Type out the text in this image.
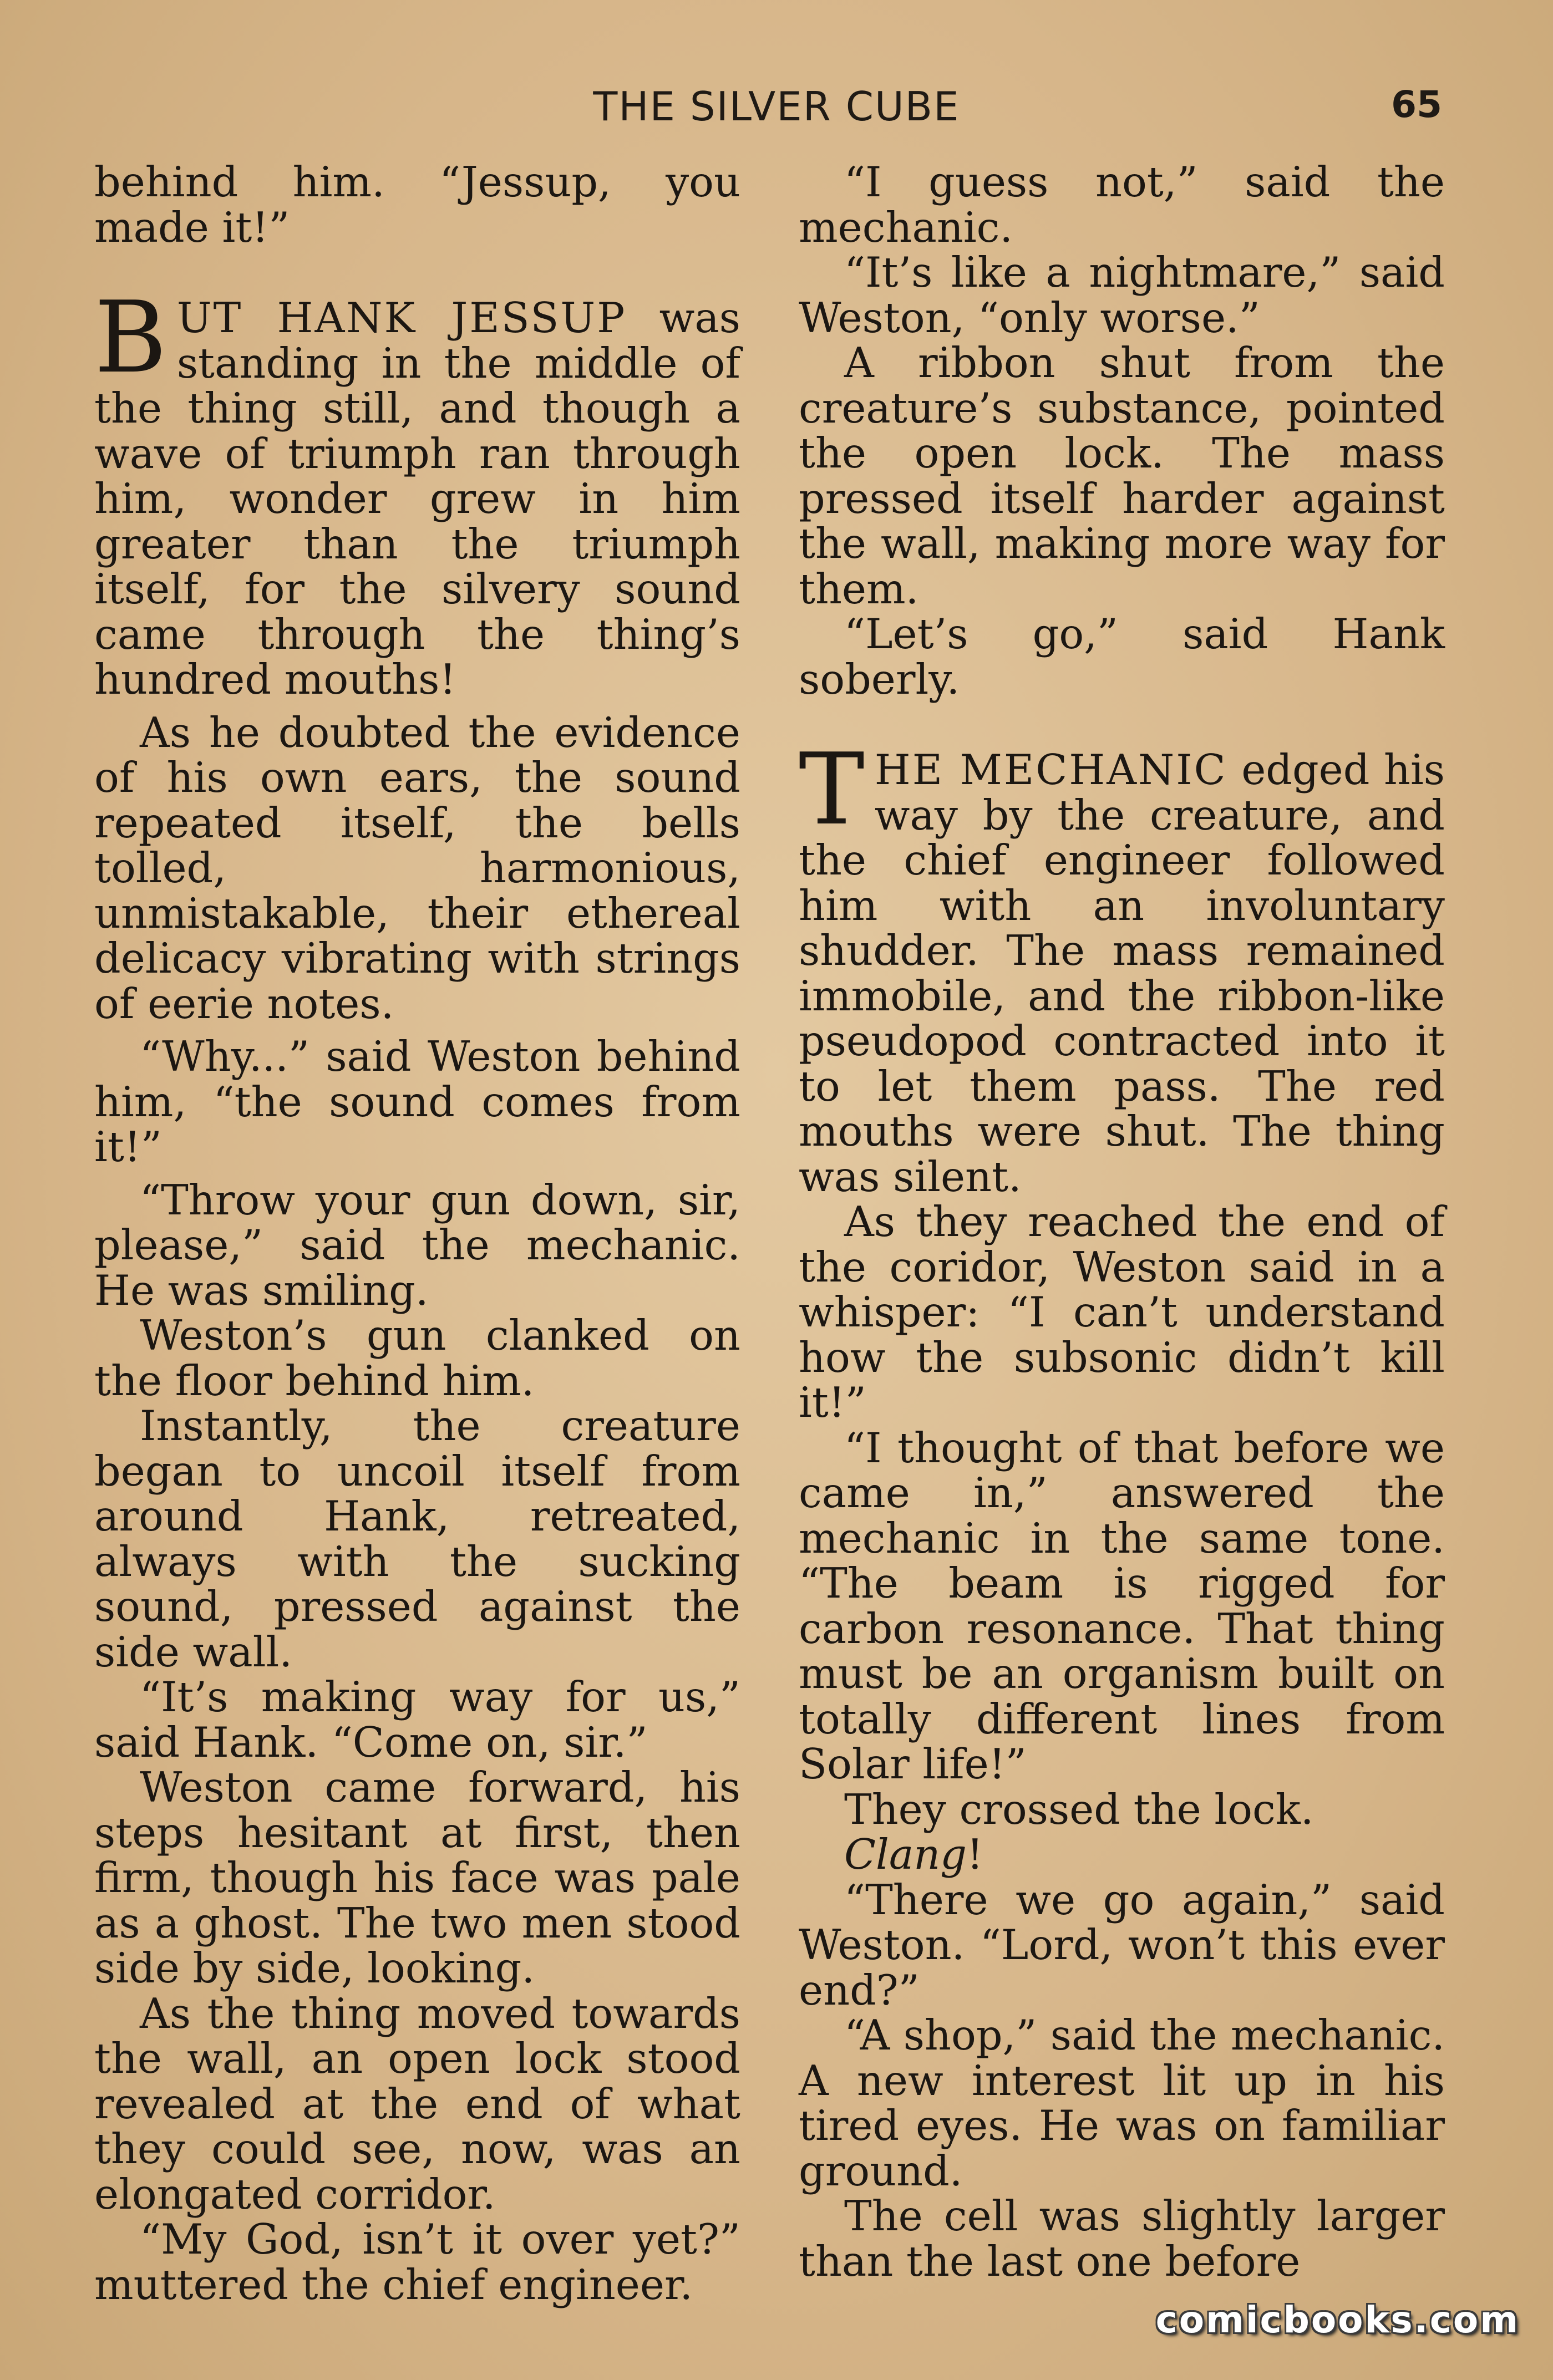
THE SILVER CUBE	65

behind him. “Jessup, you made it!”

BUT HANK JESSUP was standing in the middle of the thing still, and though a wave of triumph ran through him, wonder grew in him greater than the triumph itself, for the silvery sound came through the thing’s hundred mouths!

As he doubted the evidence of his own ears, the sound repeated itself, the bells tolled, harmonious, unmistakable, their ethereal delicacy vibrating with strings of eerie notes.

“Why...” said Weston behind him, “the sound comes from it!”

“Throw your gun down, sir, please,” said the mechanic. He was smiling.

Weston’s gun clanked on the floor behind him.

Instantly, the creature began to uncoil itself from around Hank, retreated, always with the sucking sound, pressed against the side wall.

“It’s making way for us,” said Hank. “Come on, sir.”

Weston came forward, his steps hesitant at first, then firm, though his face was pale as a ghost. The two men stood side by side, looking.

As the thing moved towards the wall, an open lock stood revealed at the end of what they could see, now, was an elongated corridor.

“My God, isn’t it over yet?” muttered the chief engineer.

“I guess not,” said the mechanic.

“It’s like a nightmare,” said Weston, “only worse.”

A ribbon shut from the creature’s substance, pointed the open lock. The mass pressed itself harder against the wall, making more way for them.

“Let’s go,” said Hank soberly.

THE MECHANIC edged his way by the creature, and the chief engineer followed him with an involuntary shudder. The mass remained immobile, and the ribbon-like pseudopod contracted into it to let them pass. The red mouths were shut. The thing was silent.

As they reached the end of the coridor, Weston said in a whisper: “I can’t understand how the subsonic didn’t kill it!”

“I thought of that before we came in,” answered the mechanic in the same tone. “The beam is rigged for carbon resonance. That thing must be an organism built on totally different lines from Solar life!”

They crossed the lock.

Clang!

“There we go again,” said Weston. “Lord, won’t this ever end?”

“A shop,” said the mechanic. A new interest lit up in his tired eyes. He was on familiar ground.

The cell was slightly larger than the last one before

comicbooks.com
